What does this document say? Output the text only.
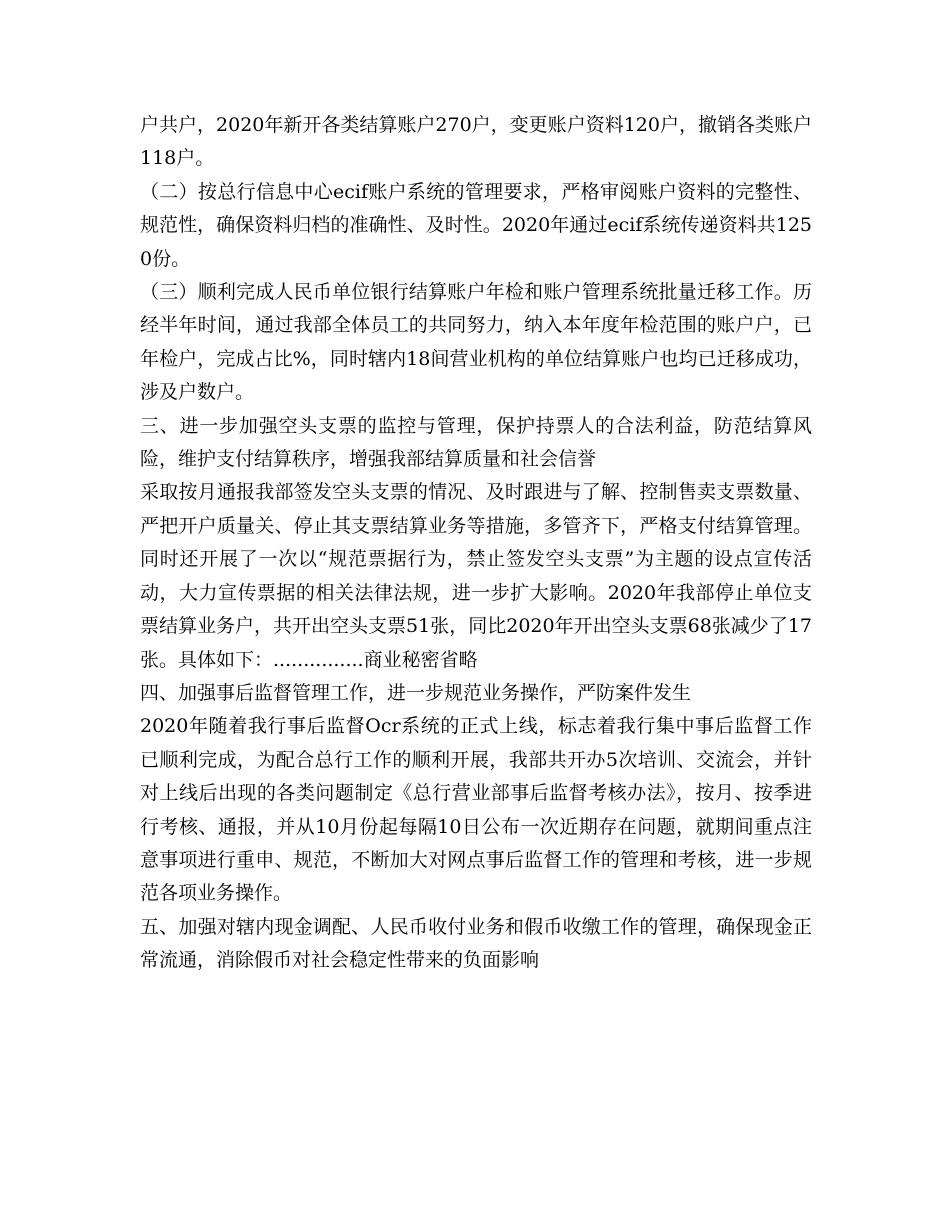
户共户，2020年新开各类结算账户270户，变更账户资料120户，撤销各类账户118户。

（二）按总行信息中心ecif账户系统的管理要求，严格审阅账户资料的完整性、规范性，确保资料归档的准确性、及时性。2020年通过ecif系统传递资料共1250份。

（三）顺利完成人民币单位银行结算账户年检和账户管理系统批量迁移工作。历经半年时间，通过我部全体员工的共同努力，纳入本年度年检范围的账户户，已年检户，完成占比%，同时辖内18间营业机构的单位结算账户也均已迁移成功，涉及户数户。

三、进一步加强空头支票的监控与管理，保护持票人的合法利益，防范结算风险，维护支付结算秩序，增强我部结算质量和社会信誉

采取按月通报我部签发空头支票的情况、及时跟进与了解、控制售卖支票数量、严把开户质量关、停止其支票结算业务等措施，多管齐下，严格支付结算管理。同时还开展了一次以“规范票据行为，禁止签发空头支票”为主题的设点宣传活动，大力宣传票据的相关法律法规，进一步扩大影响。2020年我部停止单位支票结算业务户，共开出空头支票51张，同比2020年开出空头支票68张减少了17张。具体如下：...............商业秘密省略

四、加强事后监督管理工作，进一步规范业务操作，严防案件发生

2020年随着我行事后监督Ocr系统的正式上线，标志着我行集中事后监督工作已顺利完成，为配合总行工作的顺利开展，我部共开办5次培训、交流会，并针对上线后出现的各类问题制定《总行营业部事后监督考核办法》，按月、按季进行考核、通报，并从10月份起每隔10日公布一次近期存在问题，就期间重点注意事项进行重申、规范，不断加大对网点事后监督工作的管理和考核，进一步规范各项业务操作。

五、加强对辖内现金调配、人民币收付业务和假币收缴工作的管理，确保现金正常流通，消除假币对社会稳定性带来的负面影响
